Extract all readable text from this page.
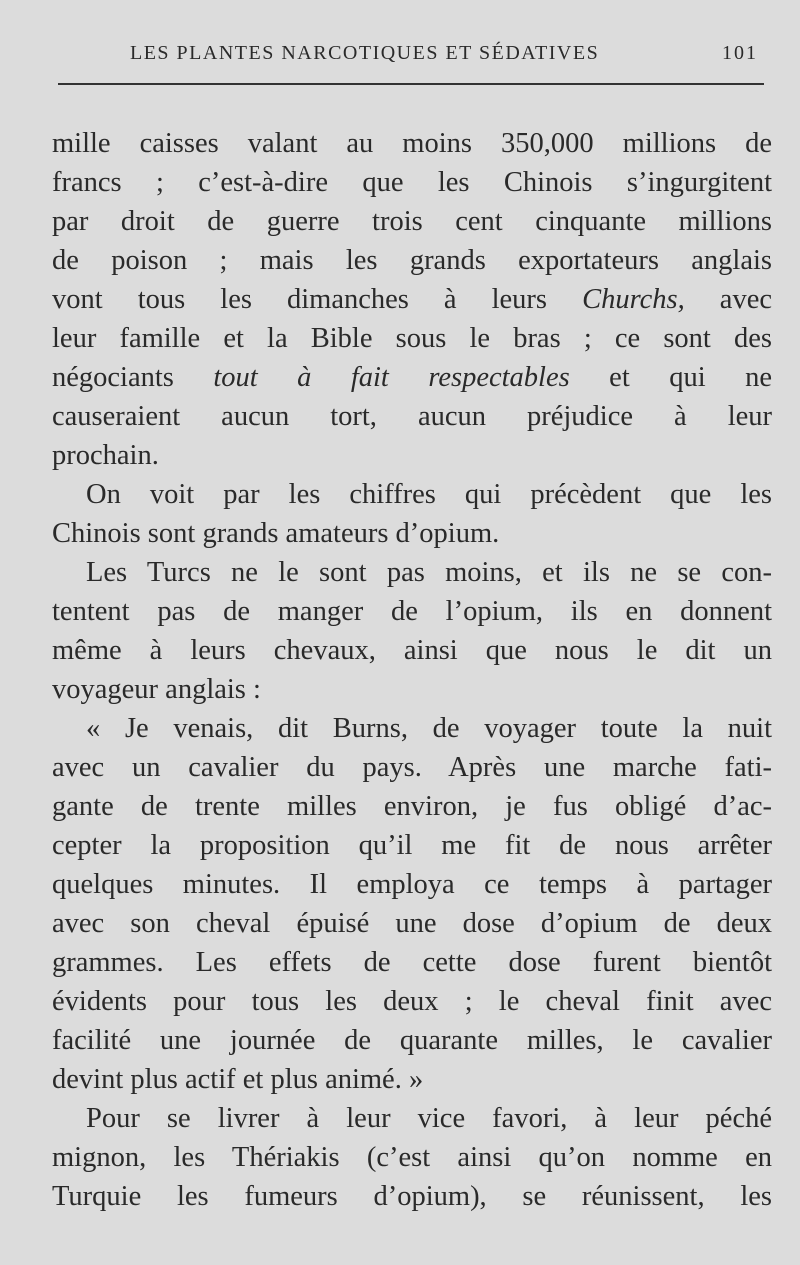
LES PLANTES NARCOTIQUES ET SÉDATIVES	101
mille caisses valant au moins 350,000 millions de
francs ; c’est-à-dire que les Chinois s’ingurgitent
par droit de guerre trois cent cinquante millions
de poison ; mais les grands exportateurs anglais
vont tous les dimanches à leurs Churchs, avec
leur famille et la Bible sous le bras ; ce sont des
négociants tout à fait respectables et qui ne
causeraient aucun tort, aucun préjudice à leur
prochain.
On voit par les chiffres qui précèdent que les
Chinois sont grands amateurs d’opium.
Les Turcs ne le sont pas moins, et ils ne se con-
tentent pas de manger de l’opium, ils en donnent
même à leurs chevaux, ainsi que nous le dit un
voyageur anglais :
« Je venais, dit Burns, de voyager toute la nuit
avec un cavalier du pays. Après une marche fati-
gante de trente milles environ, je fus obligé d’ac-
cepter la proposition qu’il me fit de nous arrêter
quelques minutes. Il employa ce temps à partager
avec son cheval épuisé une dose d’opium de deux
grammes. Les effets de cette dose furent bientôt
évidents pour tous les deux ; le cheval finit avec
facilité une journée de quarante milles, le cavalier
devint plus actif et plus animé. »
Pour se livrer à leur vice favori, à leur péché
mignon, les Thériakis (c’est ainsi qu’on nomme en
Turquie les fumeurs d’opium), se réunissent, les
